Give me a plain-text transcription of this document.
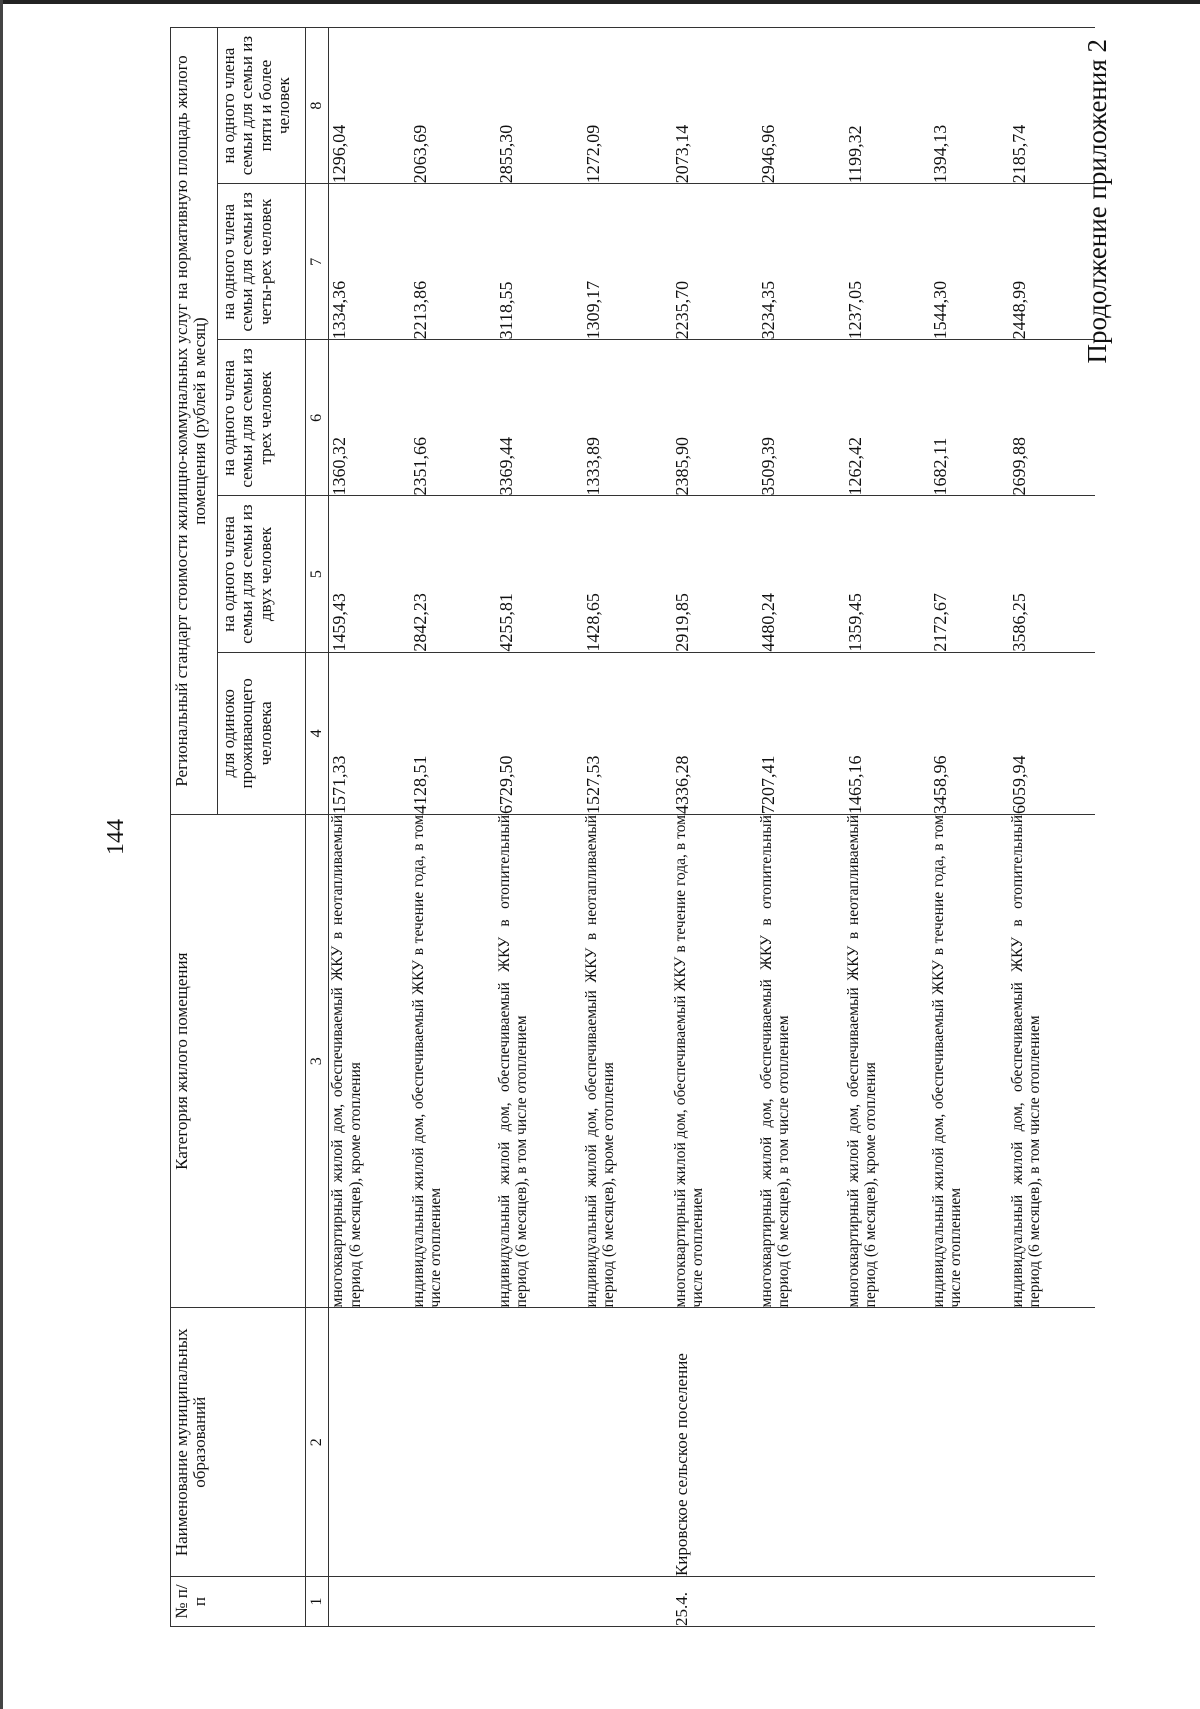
144
Продолжение приложения 2
№ п/п	Наименование муниципальных образований	Категория жилого помещения	Региональный стандарт стоимости жилищно-коммунальных услуг на нормативную площадь жилого помещения (рублей в месяц)				
			для одиноко проживающего человека	на одного члена семьи для семьи из двух человек	на одного члена семьи для семьи из трех человек	на одного члена семьи для семьи из четы-рех человек	на одного члена семьи для семьи из пяти и более человек
1	2	3	4	5	6	7	8
		многоквартирный жилой дом, обеспечиваемый ЖКУ в неотапливаемый период (6 месяцев), кроме отопления	1571,33	1459,43	1360,32	1334,36	1296,04
		индивидуальный жилой дом, обеспечиваемый ЖКУ в течение года, в том числе отоплением	4128,51	2842,23	2351,66	2213,86	2063,69
		индивидуальный жилой дом, обеспечиваемый ЖКУ в отопительный период (6 месяцев), в том числе отоплением	6729,50	4255,81	3369,44	3118,55	2855,30
		индивидуальный жилой дом, обеспечиваемый ЖКУ в неотапливаемый период (6 месяцев), кроме отопления	1527,53	1428,65	1333,89	1309,17	1272,09
25.4.	Кировское сельское поселение	многоквартирный жилой дом, обеспечиваемый ЖКУ в течение года, в том числе отоплением	4336,28	2919,85	2385,90	2235,70	2073,14
		многоквартирный жилой дом, обеспечиваемый ЖКУ в отопительный период (6 месяцев), в том числе отоплением	7207,41	4480,24	3509,39	3234,35	2946,96
		многоквартирный жилой дом, обеспечиваемый ЖКУ в неотапливаемый период (6 месяцев), кроме отопления	1465,16	1359,45	1262,42	1237,05	1199,32
		индивидуальный жилой дом, обеспечиваемый ЖКУ в течение года, в том числе отоплением	3458,96	2172,67	1682,11	1544,30	1394,13
		индивидуальный жилой дом, обеспечиваемый ЖКУ в отопительный период (6 месяцев), в том числе отоплением	6059,94	3586,25	2699,88	2448,99	2185,74
